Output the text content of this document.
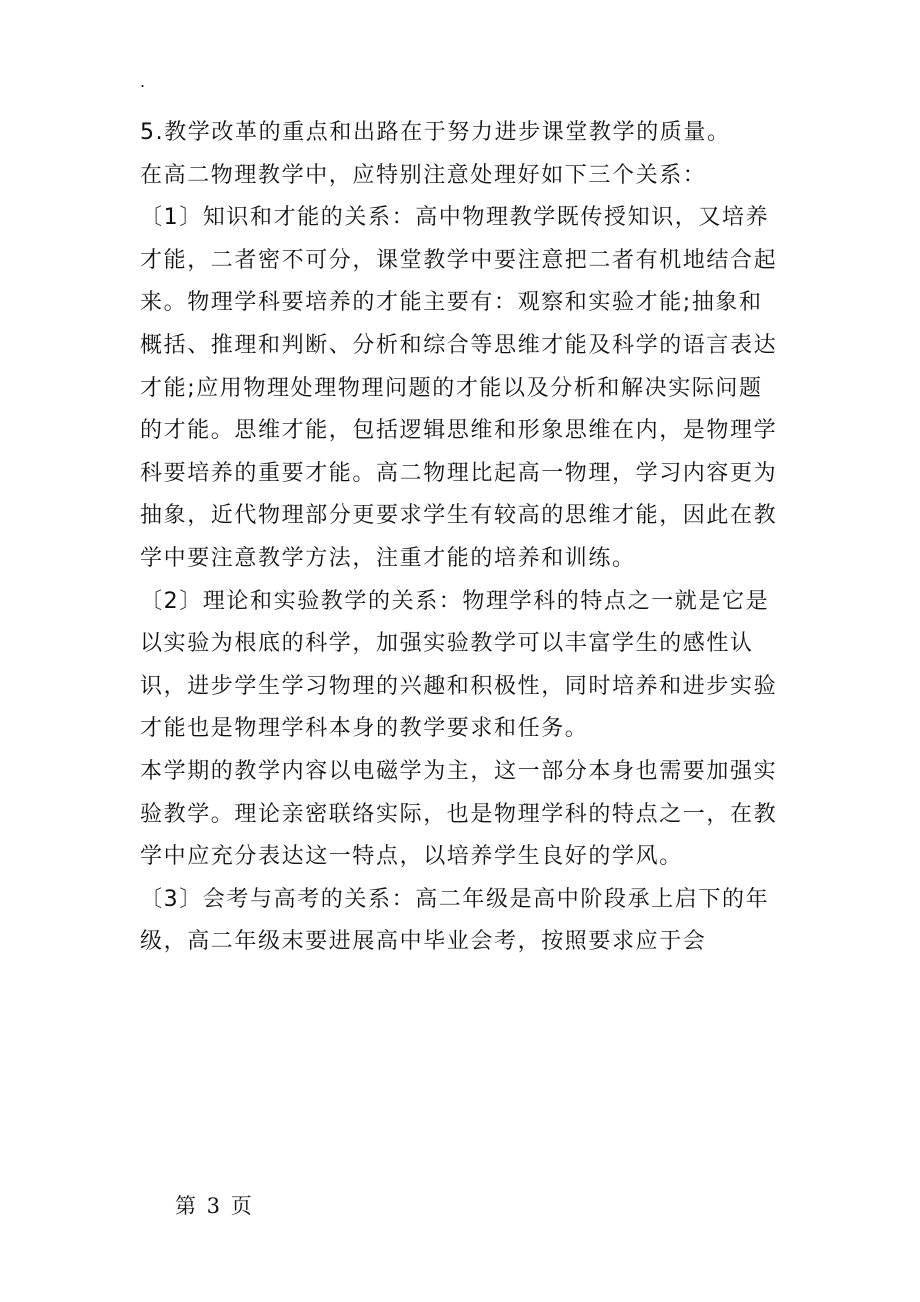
.

5.教学改革的重点和出路在于努力进步课堂教学的质量。

在高二物理教学中，应特别注意处理好如下三个关系：

〔1〕知识和才能的关系：高中物理教学既传授知识，又培养才能，二者密不可分，课堂教学中要注意把二者有机地结合起来。物理学科要培养的才能主要有：观察和实验才能;抽象和概括、推理和判断、分析和综合等思维才能及科学的语言表达才能;应用物理处理物理问题的才能以及分析和解决实际问题的才能。思维才能，包括逻辑思维和形象思维在内，是物理学科要培养的重要才能。高二物理比起高一物理，学习内容更为抽象，近代物理部分更要求学生有较高的思维才能，因此在教学中要注意教学方法，注重才能的培养和训练。

〔2〕理论和实验教学的关系：物理学科的特点之一就是它是以实验为根底的科学，加强实验教学可以丰富学生的感性认识，进步学生学习物理的兴趣和积极性，同时培养和进步实验才能也是物理学科本身的教学要求和任务。

本学期的教学内容以电磁学为主，这一部分本身也需要加强实验教学。理论亲密联络实际，也是物理学科的特点之一，在教学中应充分表达这一特点，以培养学生良好的学风。

〔3〕会考与高考的关系：高二年级是高中阶段承上启下的年级，高二年级末要进展高中毕业会考，按照要求应于会

第 3 页
